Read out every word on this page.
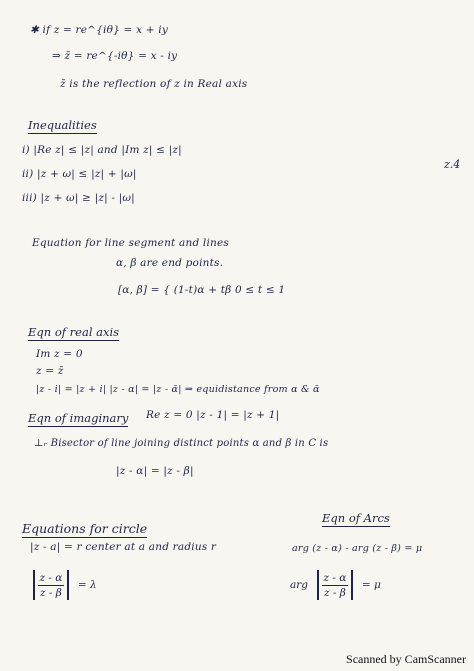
✱ if z = re^{iθ} = x + iy
⇒ z̄ = re^{-iθ} = x - iy
z̄ is the reflection of z in Real axis
Inequalities
i) |Re z| ≤ |z| and |Im z| ≤ |z|
ii) |z + ω| ≤ |z| + |ω|
iii) |z + ω| ≥ |z| - |ω|
z.4
Equation for line segment and lines
α, β are end points.
[α, β] = { (1-t)α + tβ 0 ≤ t ≤ 1
Eqn of real axis
Im z = 0
z = z̄
|z - i| = |z + i| |z - α| = |z - ᾱ| ⇒ equidistance from α & ᾱ
Eqn of imaginary Re z = 0 |z - 1| = |z + 1|
⊥ᵣ Bisector of line joining distinct points α and β in C is
|z - α| = |z - β|
Equations for circle
|z - a| = r center at a and radius r
$\frac{z - \alpha}{z - \beta} = \lambda$
Eqn of Arcs
arg (z - α) - arg (z - β) = μ
arg $\frac{z - \alpha}{z - \beta} = \mu$
Scanned by CamScanner
